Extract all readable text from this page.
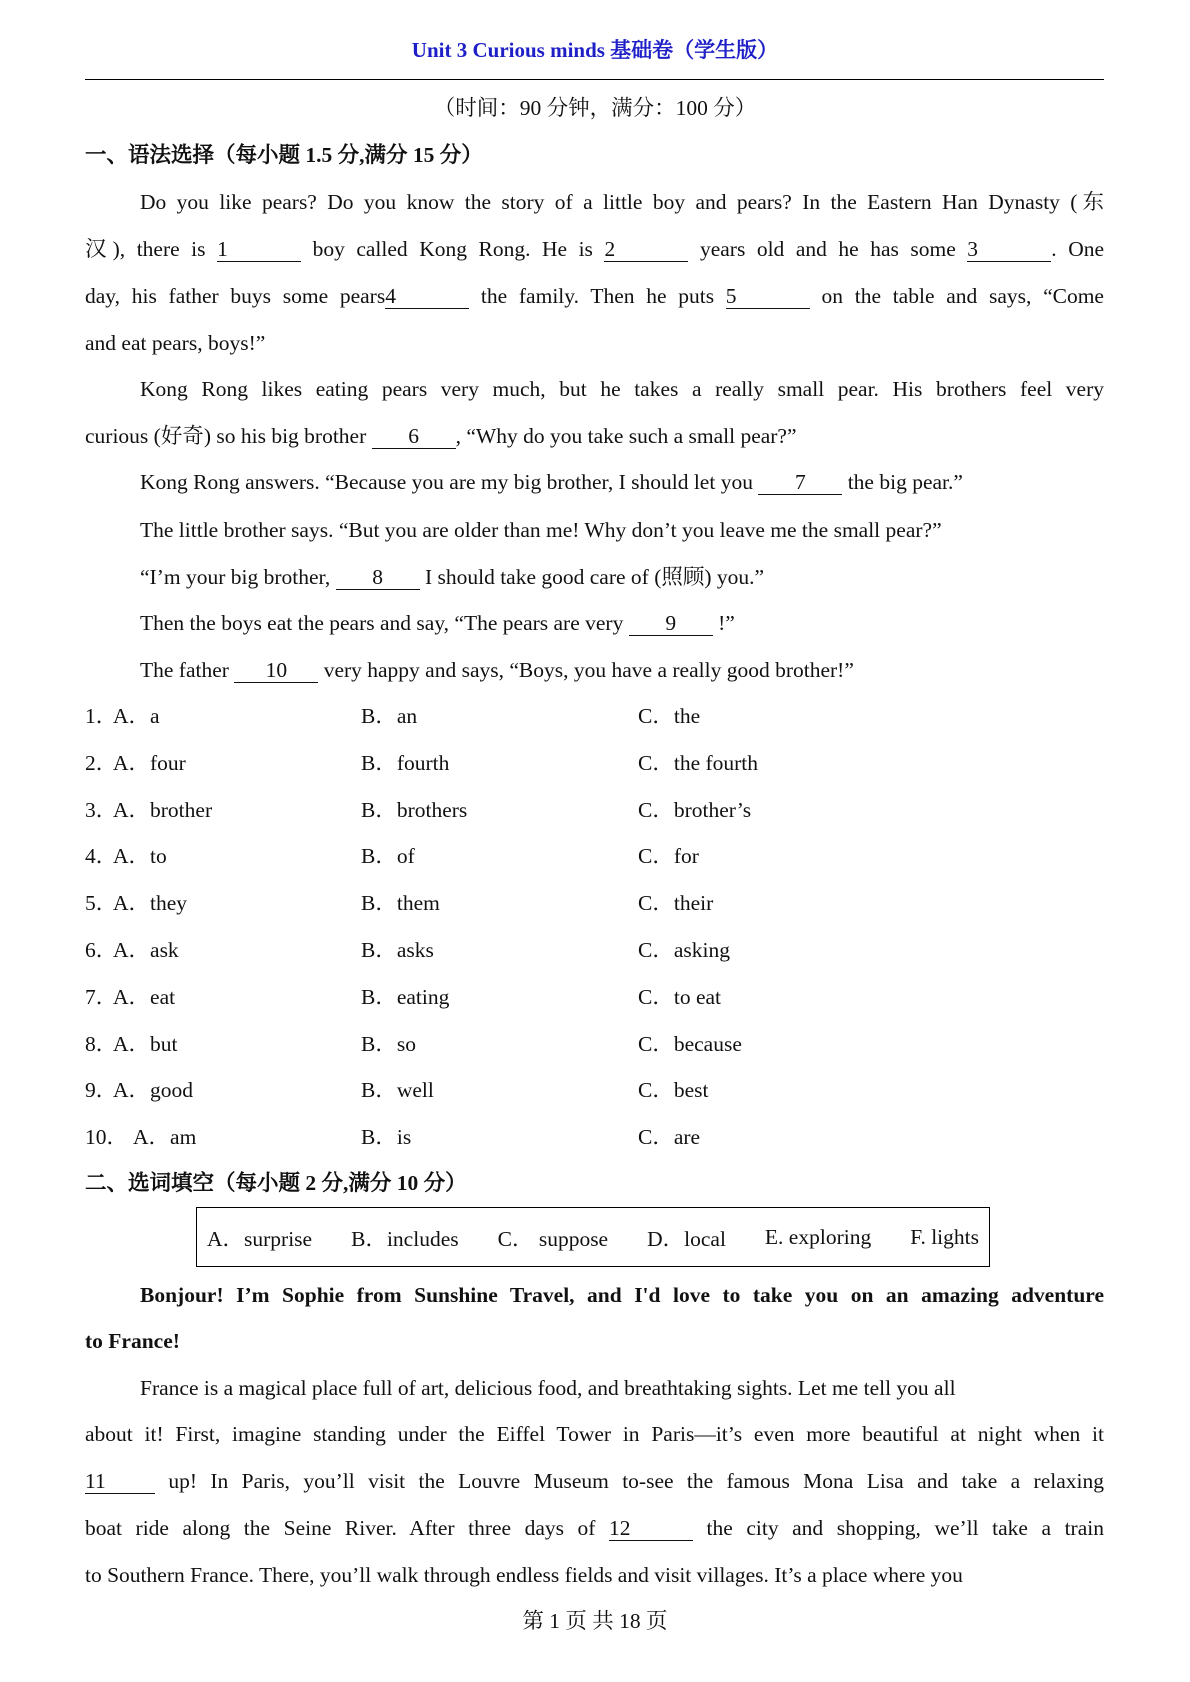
Unit 3 Curious minds 基础卷（学生版）
（时间：90 分钟，满分：100 分）
一、语法选择（每小题 1.5 分,满分 15 分）
Do you like pears? Do you know the story of a little boy and pears? In the Eastern Han Dynasty (东
汉), there is 1	boy called Kong Rong. He is 2	years old and he has some 3	. One
day, his father buys some pears4	the family. Then he puts 5	on the table and says, “Come
and eat pears, boys!”
Kong Rong likes eating pears very much, but he takes a really small pear. His brothers feel very
curious (好奇) so his big brother 6 , “Why do you take such a small pear?”
Kong Rong answers. “Because you are my big brother, I should let you 7 the big pear.”
The little brother says. “But you are older than me! Why don’t you leave me the small pear?”
“I’m your big brother, 8 I should take good care of (照顾) you.”
Then the boys eat the pears and say, “The pears are very 9 !”
The father 10 very happy and says, “Boys, you have a really good brother!”
1．
A．a	B．an	C．the
2．
A．four	B．fourth	C．the fourth
3．
A．brother	B．brothers	C．brother’s
4．
A．to	B．of	C．for
5．
A．they	B．them	C．their
6．
A．ask	B．asks	C．asking
7．
A．eat	B．eating	C．to eat
8．
A．but	B．so	C．because
9．
A．good	B．well	C．best
10． A．am	B．is	C．are
二、选词填空（每小题 2 分,满分 10 分）
A．surprise B．includes C． suppose D．local E. exploring F. lights
Bonjour! I’m Sophie from Sunshine Travel, and I'd love to take you on an amazing adventure
to France!
France is a magical place full of art, delicious food, and breathtaking sights. Let me tell you all
about it! First, imagine standing under the Eiffel Tower in Paris—it’s even more beautiful at night when it
11 up! In Paris, you’ll visit the Louvre Museum to-see the famous Mona Lisa and take a relaxing
boat ride along the Seine River. After three days of 12	the city and shopping, we’ll take a train
to Southern France. There, you’ll walk through endless fields and visit villages. It’s a place where you
第 1 页 共 18 页
